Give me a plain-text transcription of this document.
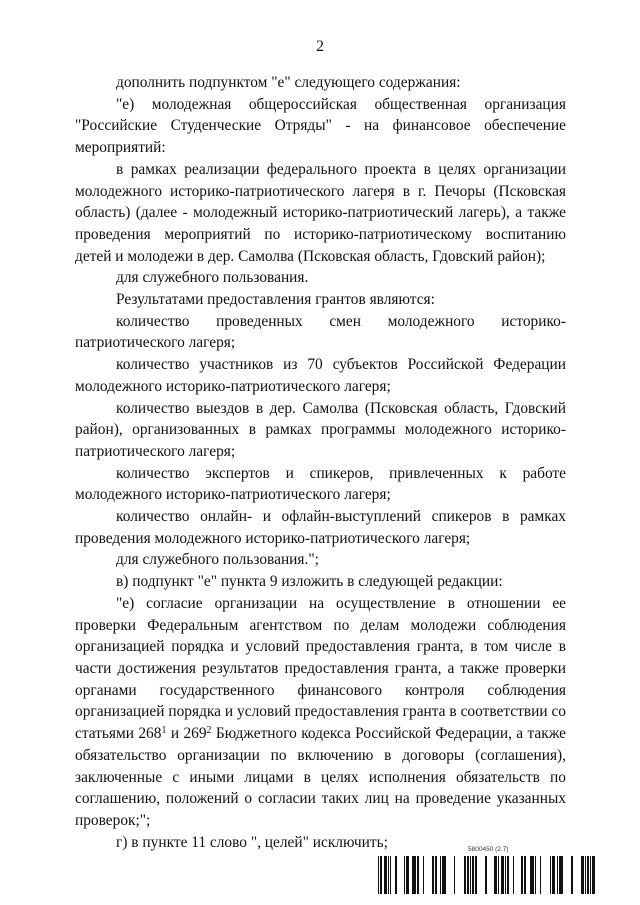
2

дополнить подпунктом "е" следующего содержания:

"е) молодежная общероссийская общественная организация "Российские Студенческие Отряды" - на финансовое обеспечение мероприятий:

в рамках реализации федерального проекта в целях организации молодежного историко-патриотического лагеря в г. Печоры (Псковская область) (далее - молодежный историко-патриотический лагерь), а также проведения мероприятий по историко-патриотическому воспитанию детей и молодежи в дер. Самолва (Псковская область, Гдовский район);

для служебного пользования.

Результатами предоставления грантов являются:

количество проведенных смен молодежного историко-патриотического лагеря;

количество участников из 70 субъектов Российской Федерации молодежного историко-патриотического лагеря;

количество выездов в дер. Самолва (Псковская область, Гдовский район), организованных в рамках программы молодежного историко-патриотического лагеря;

количество экспертов и спикеров, привлеченных к работе молодежного историко-патриотического лагеря;

количество онлайн- и офлайн-выступлений спикеров в рамках проведения молодежного историко-патриотического лагеря;

для служебного пользования.";

в) подпункт "е" пункта 9 изложить в следующей редакции:

"е) согласие организации на осуществление в отношении ее проверки Федеральным агентством по делам молодежи соблюдения организацией порядка и условий предоставления гранта, в том числе в части достижения результатов предоставления гранта, а также проверки органами государственного финансового контроля соблюдения организацией порядка и условий предоставления гранта в соответствии со статьями $268^1$ и $269^2$ Бюджетного кодекса Российской Федерации, а также обязательство организации по включению в договоры (соглашения), заключенные с иными лицами в целях исполнения обязательств по соглашению, положений о согласии таких лиц на проведение указанных проверок;";

г) в пункте 11 слово ", целей" исключить;	5800450 (2.7)
